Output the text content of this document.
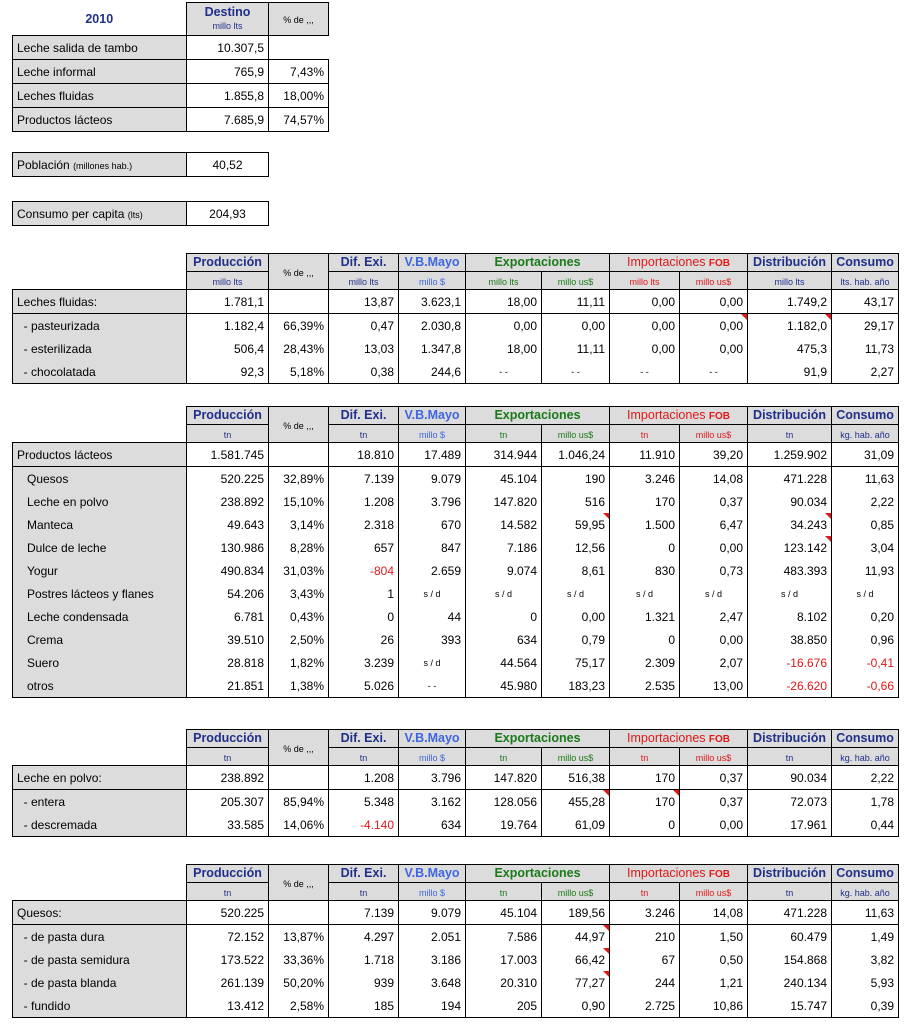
2010	Destino
millo lts	% de ,,,
Leche salida de tambo	10.307,5	
Leche informal	765,9	7,43%
Leches fluidas	1.855,8	18,00%
Productos lácteos	7.685,9	74,57%
Población (millones hab.)	40,52
Consumo per capita (lts)	204,93
	Producción	% de ,,,	Dif. Exi.	V.B.Mayo	Exportaciones		Importaciones FOB		Distribución	Consumo
	millo lts		millo lts	millo $	millo lts	millo us$	millo lts	millo us$	millo lts	lts. hab. año
Leches fluidas:	1.781,1		13,87	3.623,1	18,00	11,11	0,00	0,00	1.749,2	43,17
- pasteurizada	1.182,4	66,39%	0,47	2.030,8	0,00	0,00	0,00	0,00	1.182,0	29,17
- esterilizada	506,4	28,43%	13,03	1.347,8	18,00	11,11	0,00	0,00	475,3	11,73
- chocolatada	92,3	5,18%	0,38	244,6	- -	- -	- -	- -	91,9	2,27
	Producción	% de ,,,	Dif. Exi.	V.B.Mayo	Exportaciones		Importaciones FOB		Distribución	Consumo
	tn		tn	millo $	tn	millo us$	tn	millo us$	tn	kg. hab. año
Productos lácteos	1.581.745		18.810	17.489	314.944	1.046,24	11.910	39,20	1.259.902	31,09
Quesos	520.225	32,89%	7.139	9.079	45.104	190	3.246	14,08	471.228	11,63
Leche en polvo	238.892	15,10%	1.208	3.796	147.820	516	170	0,37	90.034	2,22
Manteca	49.643	3,14%	2.318	670	14.582	59,95	1.500	6,47	34.243	0,85
Dulce de leche	130.986	8,28%	657	847	7.186	12,56	0	0,00	123.142	3,04
Yogur	490.834	31,03%	-804	2.659	9.074	8,61	830	0,73	483.393	11,93
Postres lácteos y flanes	54.206	3,43%	1	s / d	s / d	s / d	s / d	s / d	s / d	s / d
Leche condensada	6.781	0,43%	0	44	0	0,00	1.321	2,47	8.102	0,20
Crema	39.510	2,50%	26	393	634	0,79	0	0,00	38.850	0,96
Suero	28.818	1,82%	3.239	s / d	44.564	75,17	2.309	2,07	-16.676	-0,41
otros	21.851	1,38%	5.026	- -	45.980	183,23	2.535	13,00	-26.620	-0,66
	Producción	% de ,,,	Dif. Exi.	V.B.Mayo	Exportaciones		Importaciones FOB		Distribución	Consumo
	tn		tn	millo $	tn	millo us$	tn	millo us$	tn	kg. hab. año
Leche en polvo:	238.892		1.208	3.796	147.820	516,38	170	0,37	90.034	2,22
- entera	205.307	85,94%	5.348	3.162	128.056	455,28	170	0,37	72.073	1,78
- descremada	33.585	14,06%	-4.140	634	19.764	61,09	0	0,00	17.961	0,44
	Producción	% de ,,,	Dif. Exi.	V.B.Mayo	Exportaciones		Importaciones FOB		Distribución	Consumo
	tn		tn	millo $	tn	millo us$	tn	millo us$	tn	kg. hab. año
Quesos:	520.225		7.139	9.079	45.104	189,56	3.246	14,08	471.228	11,63
- de pasta dura	72.152	13,87%	4.297	2.051	7.586	44,97	210	1,50	60.479	1,49
- de pasta semidura	173.522	33,36%	1.718	3.186	17.003	66,42	67	0,50	154.868	3,82
- de pasta blanda	261.139	50,20%	939	3.648	20.310	77,27	244	1,21	240.134	5,93
- fundido	13.412	2,58%	185	194	205	0,90	2.725	10,86	15.747	0,39
